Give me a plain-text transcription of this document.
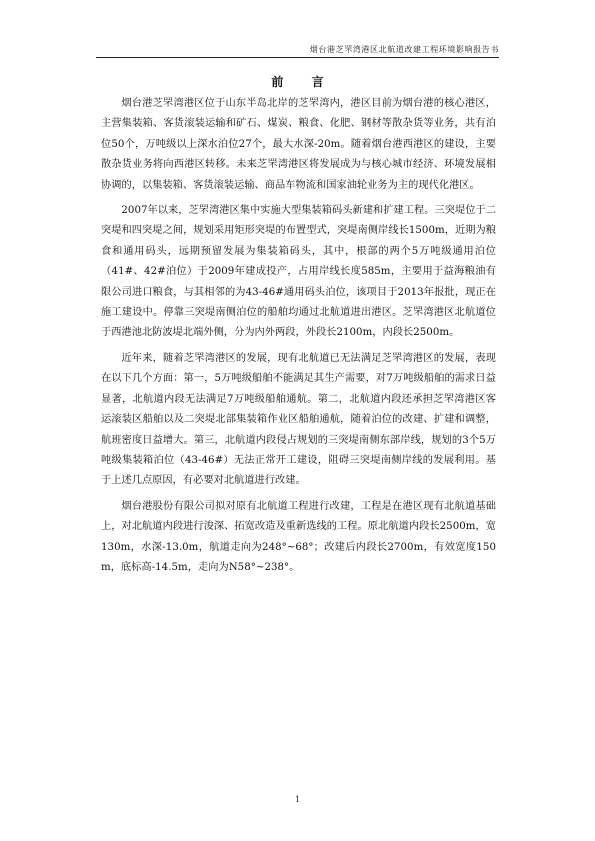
烟台港芝罘湾港区北航道改建工程环境影响报告书
前 言

烟台港芝罘湾港区位于山东半岛北岸的芝罘湾内，港区目前为烟台港的核心港区，主营集装箱、客货滚装运输和矿石、煤炭、粮食、化肥、钢材等散杂货等业务，共有泊位50个，万吨级以上深水泊位27个，最大水深-20m。随着烟台港西港区的建设，主要散杂货业务将向西港区转移。未来芝罘湾港区将发展成为与核心城市经济、环境发展相协调的，以集装箱、客货滚装运输、商品车物流和国家油轮业务为主的现代化港区。

2007年以来，芝罘湾港区集中实施大型集装箱码头新建和扩建工程。三突堤位于二突堤和四突堤之间，规划采用矩形突堤的布置型式，突堤南侧岸线长1500m，近期为粮食和通用码头，远期预留发展为集装箱码头，其中，根部的两个5万吨级通用泊位（41#、42#泊位）于2009年建成投产，占用岸线长度585m，主要用于益海粮油有限公司进口粮食，与其相邻的为43-46#通用码头泊位，该项目于2013年报批，现正在施工建设中。停靠三突堤南侧泊位的船舶均通过北航道进出港区。芝罘湾港区北航道位于西港池北防波堤北端外侧，分为内外两段，外段长2100m，内段长2500m。

近年来，随着芝罘湾港区的发展，现有北航道已无法满足芝罘湾港区的发展，表现在以下几个方面：第一，5万吨级船舶不能满足其生产需要，对7万吨级船舶的需求日益显著，北航道内段无法满足7万吨级船舶通航。第二，北航道内段还承担芝罘湾港区客运滚装区船舶以及二突堤北部集装箱作业区船舶通航，随着泊位的改建、扩建和调整，航班密度日益增大。第三，北航道内段侵占规划的三突堤南侧东部岸线，规划的3个5万吨级集装箱泊位（43-46#）无法正常开工建设，阻碍三突堤南侧岸线的发展利用。基于上述几点原因，有必要对北航道进行改建。

烟台港股份有限公司拟对原有北航道工程进行改建，工程是在港区现有北航道基础上，对北航道内段进行浚深、拓宽改造及重新选线的工程。原北航道内段长2500m，宽130m，水深-13.0m，航道走向为248°~68°；改建后内段长2700m，有效宽度150 m，底标高-14.5m，走向为N58°~238°。

1
